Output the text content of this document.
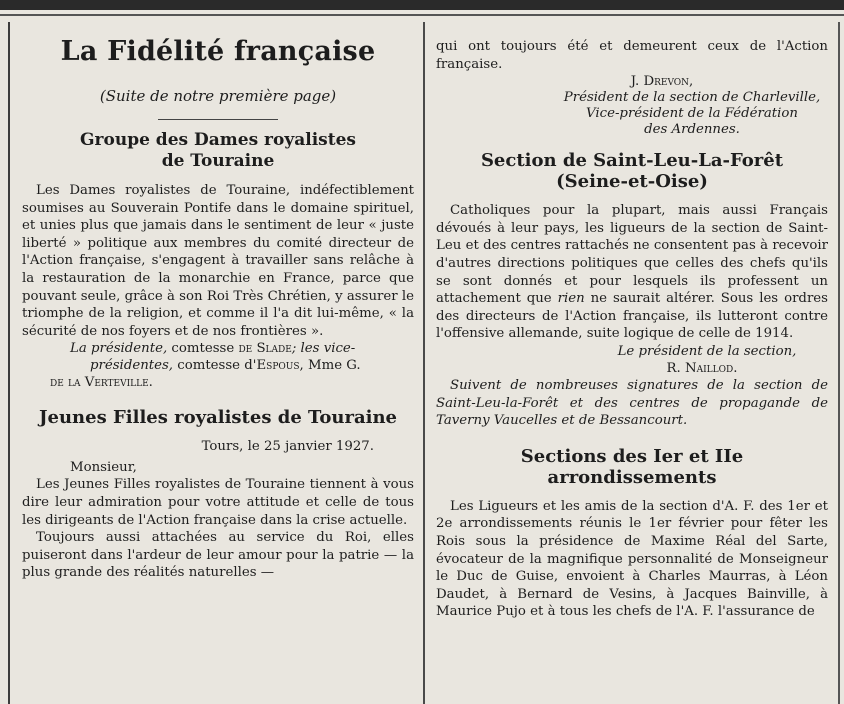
La Fidélité française
(Suite de notre première page)
Groupe des Dames royalistes
de Touraine

Les Dames royalistes de Touraine, indéfectiblement soumises au Souverain Pontife dans le domaine spirituel, et unies plus que jamais dans le sentiment de leur « juste liberté » politique aux membres du comité directeur de l'Action française, s'engagent à travailler sans relâche à la restauration de la monarchie en France, parce que pouvant seule, grâce à son Roi Très Chrétien, y assurer le triomphe de la religion, et comme il l'a dit lui-même, « la sécurité de nos foyers et de nos frontières ».

La présidente, comtesse de Slade; les vice-
présidentes, comtesse d'Espous, Mme G.
de la Verteville.
Jeunes Filles royalistes de Touraine
Tours, le 25 janvier 1927.
Monsieur,

Les Jeunes Filles royalistes de Touraine tiennent à vous dire leur admiration pour votre attitude et celle de tous les dirigeants de l'Action française dans la crise actuelle.

Toujours aussi attachées au service du Roi, elles puiseront dans l'ardeur de leur amour pour la patrie — la plus grande des réalités naturelles —

qui ont toujours été et demeurent ceux de l'Action française.

J. Drevon,
Président de la section de Charleville,
Vice-président de la Fédération
des Ardennes.
Section de Saint-Leu-La-Forêt
(Seine-et-Oise)

Catholiques pour la plupart, mais aussi Français dévoués à leur pays, les ligueurs de la section de Saint-Leu et des centres rattachés ne consentent pas à recevoir d'autres directions politiques que celles des chefs qu'ils se sont donnés et pour lesquels ils professent un attachement que rien ne saurait altérer. Sous les ordres des directeurs de l'Action française, ils lutteront contre l'offensive allemande, suite logique de celle de 1914.

Le président de la section,
R. Naillod.

Suivent de nombreuses signatures de la section de Saint-Leu-la-Forêt et des centres de propagande de Taverny Vaucelles et de Bessancourt.

Sections des Ier et IIe arrondissements

Les Ligueurs et les amis de la section d'A. F. des 1er et 2e arrondissements réunis le 1er février pour fêter les Rois sous la présidence de Maxime Réal del Sarte, évocateur de la magnifique personnalité de Monseigneur le Duc de Guise, envoient à Charles Maurras, à Léon Daudet, à Bernard de Vesins, à Jacques Bainville, à Maurice Pujo et à tous les chefs de l'A. F. l'assurance de
